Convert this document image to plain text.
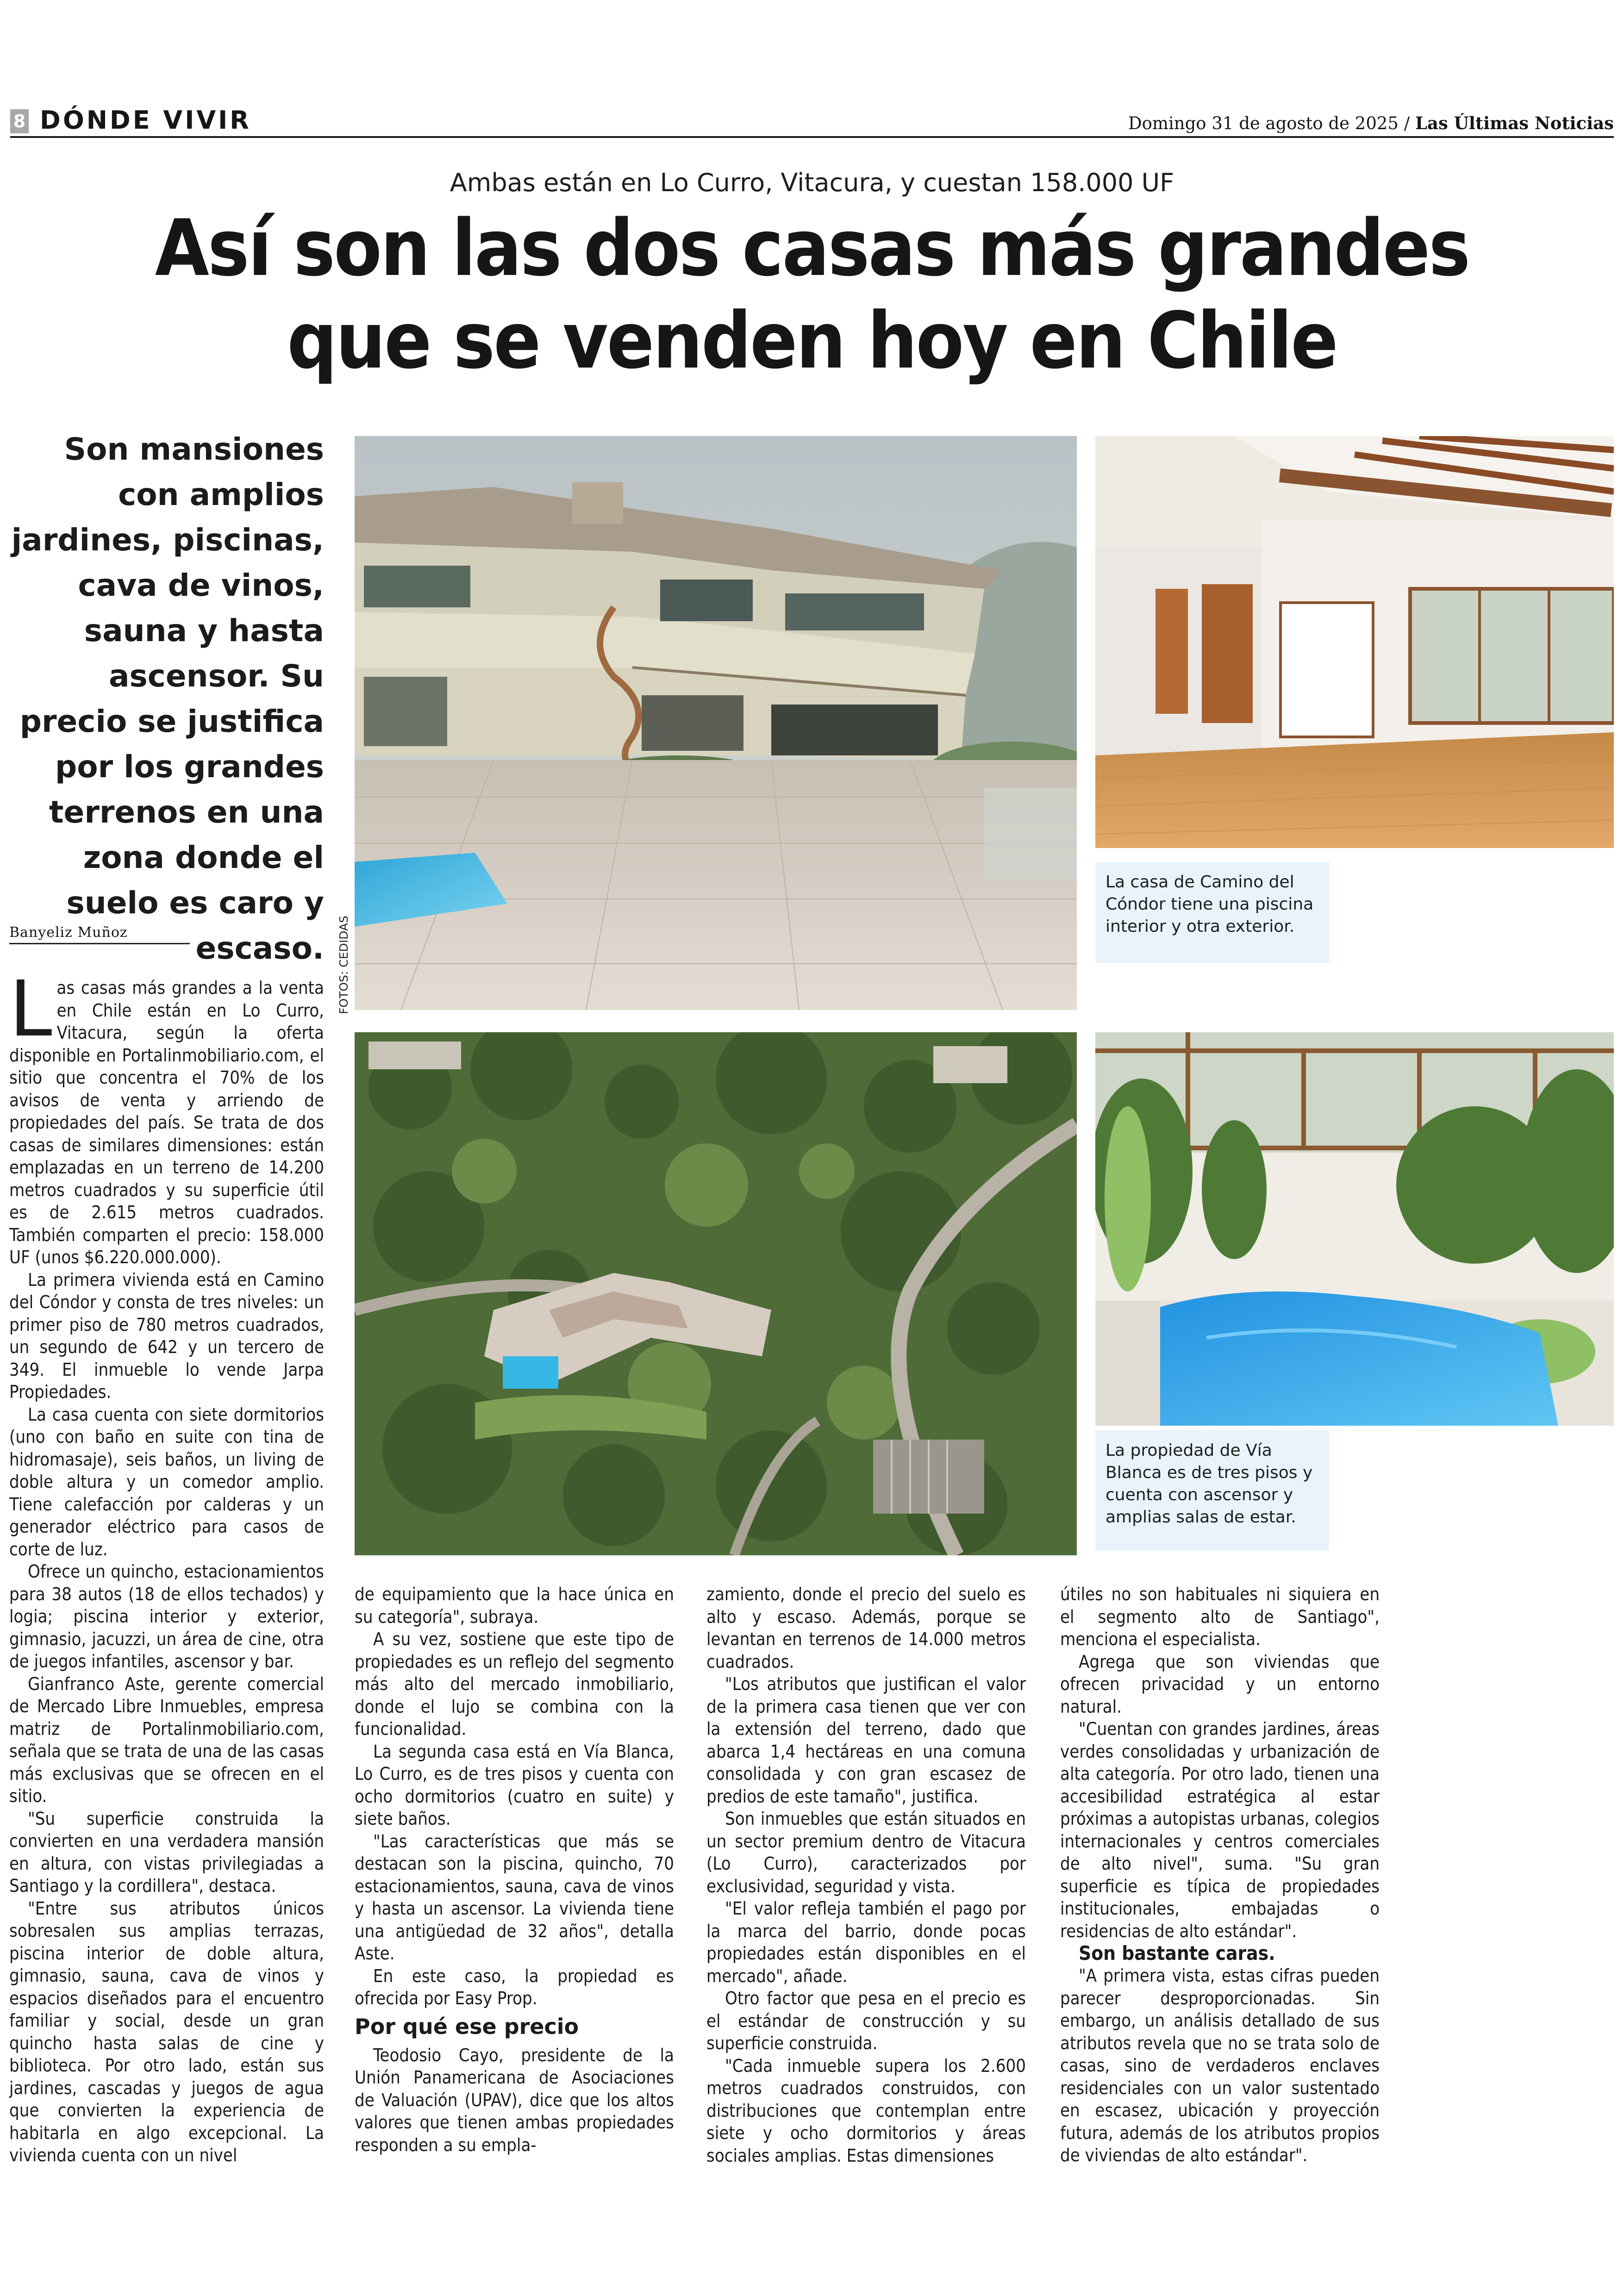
8 DÓNDE VIVIR	Domingo 31 de agosto de 2025 / Las Últimas Noticias
Ambas están en Lo Curro, Vitacura, y cuestan 158.000 UF
Así son las dos casas más grandes
que se venden hoy en Chile
Son mansiones con amplios jardines, piscinas, cava de vinos, sauna y hasta ascensor. Su precio se justifica por los grandes terrenos en una zona donde el suelo es caro y escaso.
Banyeliz Muñoz	FOTOS: CEDIDAS
La casa de Camino del Cóndor tiene una piscina interior y otra exterior.
La propiedad de Vía Blanca es de tres pisos y cuenta con ascensor y amplias salas de estar.

Las casas más grandes a la venta en Chile están en Lo Curro, Vitacura, según la oferta disponible en Portalinmobiliario.com, el sitio que concentra el 70% de los avisos de venta y arriendo de propiedades del país. Se trata de dos casas de similares dimensiones: están emplazadas en un terreno de 14.200 metros cuadrados y su superficie útil es de 2.615 metros cuadrados. También comparten el precio: 158.000 UF (unos $6.220.000.000).

La primera vivienda está en Camino del Cóndor y consta de tres niveles: un primer piso de 780 metros cuadrados, un segundo de 642 y un tercero de 349. El inmueble lo vende Jarpa Propiedades.

La casa cuenta con siete dormitorios (uno con baño en suite con tina de hidromasaje), seis baños, un living de doble altura y un comedor amplio. Tiene calefacción por calderas y un generador eléctrico para casos de corte de luz.

Ofrece un quincho, estacionamientos para 38 autos (18 de ellos techados) y logia; piscina interior y exterior, gimnasio, jacuzzi, un área de cine, otra de juegos infantiles, ascensor y bar.

Gianfranco Aste, gerente comercial de Mercado Libre Inmuebles, empresa matriz de Portalinmobiliario.com, señala que se trata de una de las casas más exclusivas que se ofrecen en el sitio.

"Su superficie construida la convierten en una verdadera mansión en altura, con vistas privilegiadas a Santiago y la cordillera", destaca.

"Entre sus atributos únicos sobresalen sus amplias terrazas, piscina interior de doble altura, gimnasio, sauna, cava de vinos y espacios diseñados para el encuentro familiar y social, desde un gran quincho hasta salas de cine y biblioteca. Por otro lado, están sus jardines, cascadas y juegos de agua que convierten la experiencia de habitarla en algo excepcional. La vivienda cuenta con un nivel

de equipamiento que la hace única en su categoría", subraya.

A su vez, sostiene que este tipo de propiedades es un reflejo del segmento más alto del mercado inmobiliario, donde el lujo se combina con la funcionalidad.

La segunda casa está en Vía Blanca, Lo Curro, es de tres pisos y cuenta con ocho dormitorios (cuatro en suite) y siete baños.

"Las características que más se destacan son la piscina, quincho, 70 estacionamientos, sauna, cava de vinos y hasta un ascensor. La vivienda tiene una antigüedad de 32 años", detalla Aste.

En este caso, la propiedad es ofrecida por Easy Prop.

Por qué ese precio

Teodosio Cayo, presidente de la Unión Panamericana de Asociaciones de Valuación (UPAV), dice que los altos valores que tienen ambas propiedades responden a su empla-

zamiento, donde el precio del suelo es alto y escaso. Además, porque se levantan en terrenos de 14.000 metros cuadrados.

"Los atributos que justifican el valor de la primera casa tienen que ver con la extensión del terreno, dado que abarca 1,4 hectáreas en una comuna consolidada y con gran escasez de predios de este tamaño", justifica.

Son inmuebles que están situados en un sector premium dentro de Vitacura (Lo Curro), caracterizados por exclusividad, seguridad y vista.

"El valor refleja también el pago por la marca del barrio, donde pocas propiedades están disponibles en el mercado", añade.

Otro factor que pesa en el precio es el estándar de construcción y su superficie construida.

"Cada inmueble supera los 2.600 metros cuadrados construidos, con distribuciones que contemplan entre siete y ocho dormitorios y áreas sociales amplias. Estas dimensiones

útiles no son habituales ni siquiera en el segmento alto de Santiago", menciona el especialista.

Agrega que son viviendas que ofrecen privacidad y un entorno natural.

"Cuentan con grandes jardines, áreas verdes consolidadas y urbanización de alta categoría. Por otro lado, tienen una accesibilidad estratégica al estar próximas a autopistas urbanas, colegios internacionales y centros comerciales de alto nivel", suma. "Su gran superficie es típica de propiedades institucionales, embajadas o residencias de alto estándar".

Son bastante caras.

"A primera vista, estas cifras pueden parecer desproporcionadas. Sin embargo, un análisis detallado de sus atributos revela que no se trata solo de casas, sino de verdaderos enclaves residenciales con un valor sustentado en escasez, ubicación y proyección futura, además de los atributos propios de viviendas de alto estándar".
